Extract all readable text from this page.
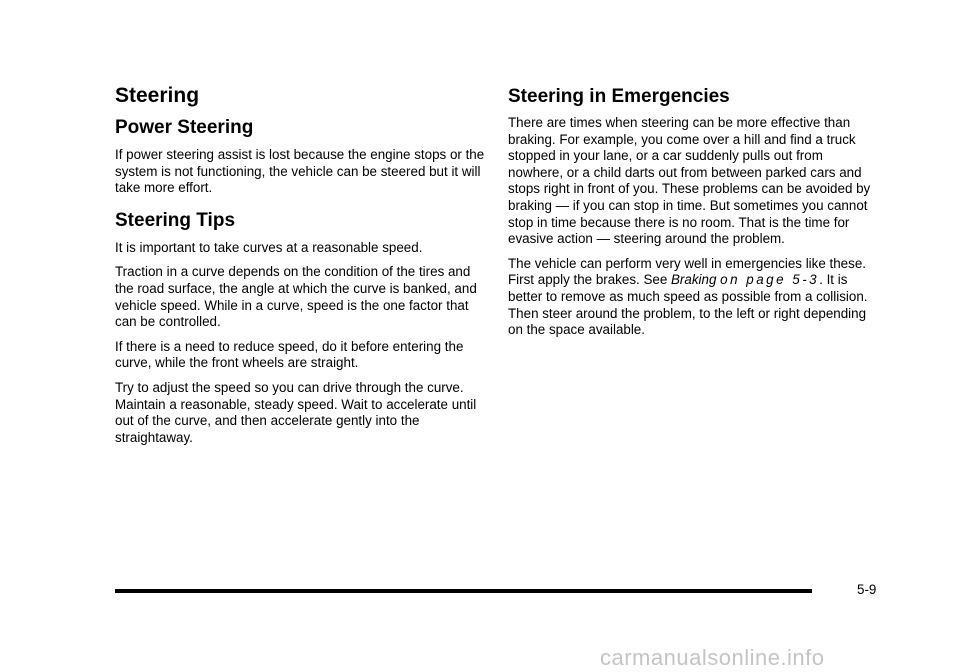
Steering
Power Steering

If power steering assist is lost because the engine stops or the system is not functioning, the vehicle can be steered but it will take more effort.

Steering Tips

It is important to take curves at a reasonable speed.

Traction in a curve depends on the condition of the tires and the road surface, the angle at which the curve is banked, and vehicle speed. While in a curve, speed is the one factor that can be controlled.

If there is a need to reduce speed, do it before entering the curve, while the front wheels are straight.

Try to adjust the speed so you can drive through the curve. Maintain a reasonable, steady speed. Wait to accelerate until out of the curve, and then accelerate gently into the straightaway.

Steering in Emergencies

There are times when steering can be more effective than braking. For example, you come over a hill and find a truck stopped in your lane, or a car suddenly pulls out from nowhere, or a child darts out from between parked cars and stops right in front of you. These problems can be avoided by braking — if you can stop in time. But sometimes you cannot stop in time because there is no room. That is the time for evasive action — steering around the problem.

The vehicle can perform very well in emergencies like these. First apply the brakes. See Braking on page 5-3. It is better to remove as much speed as possible from a collision. Then steer around the problem, to the left or right depending on the space available.

5-9
carmanualsonline.info
